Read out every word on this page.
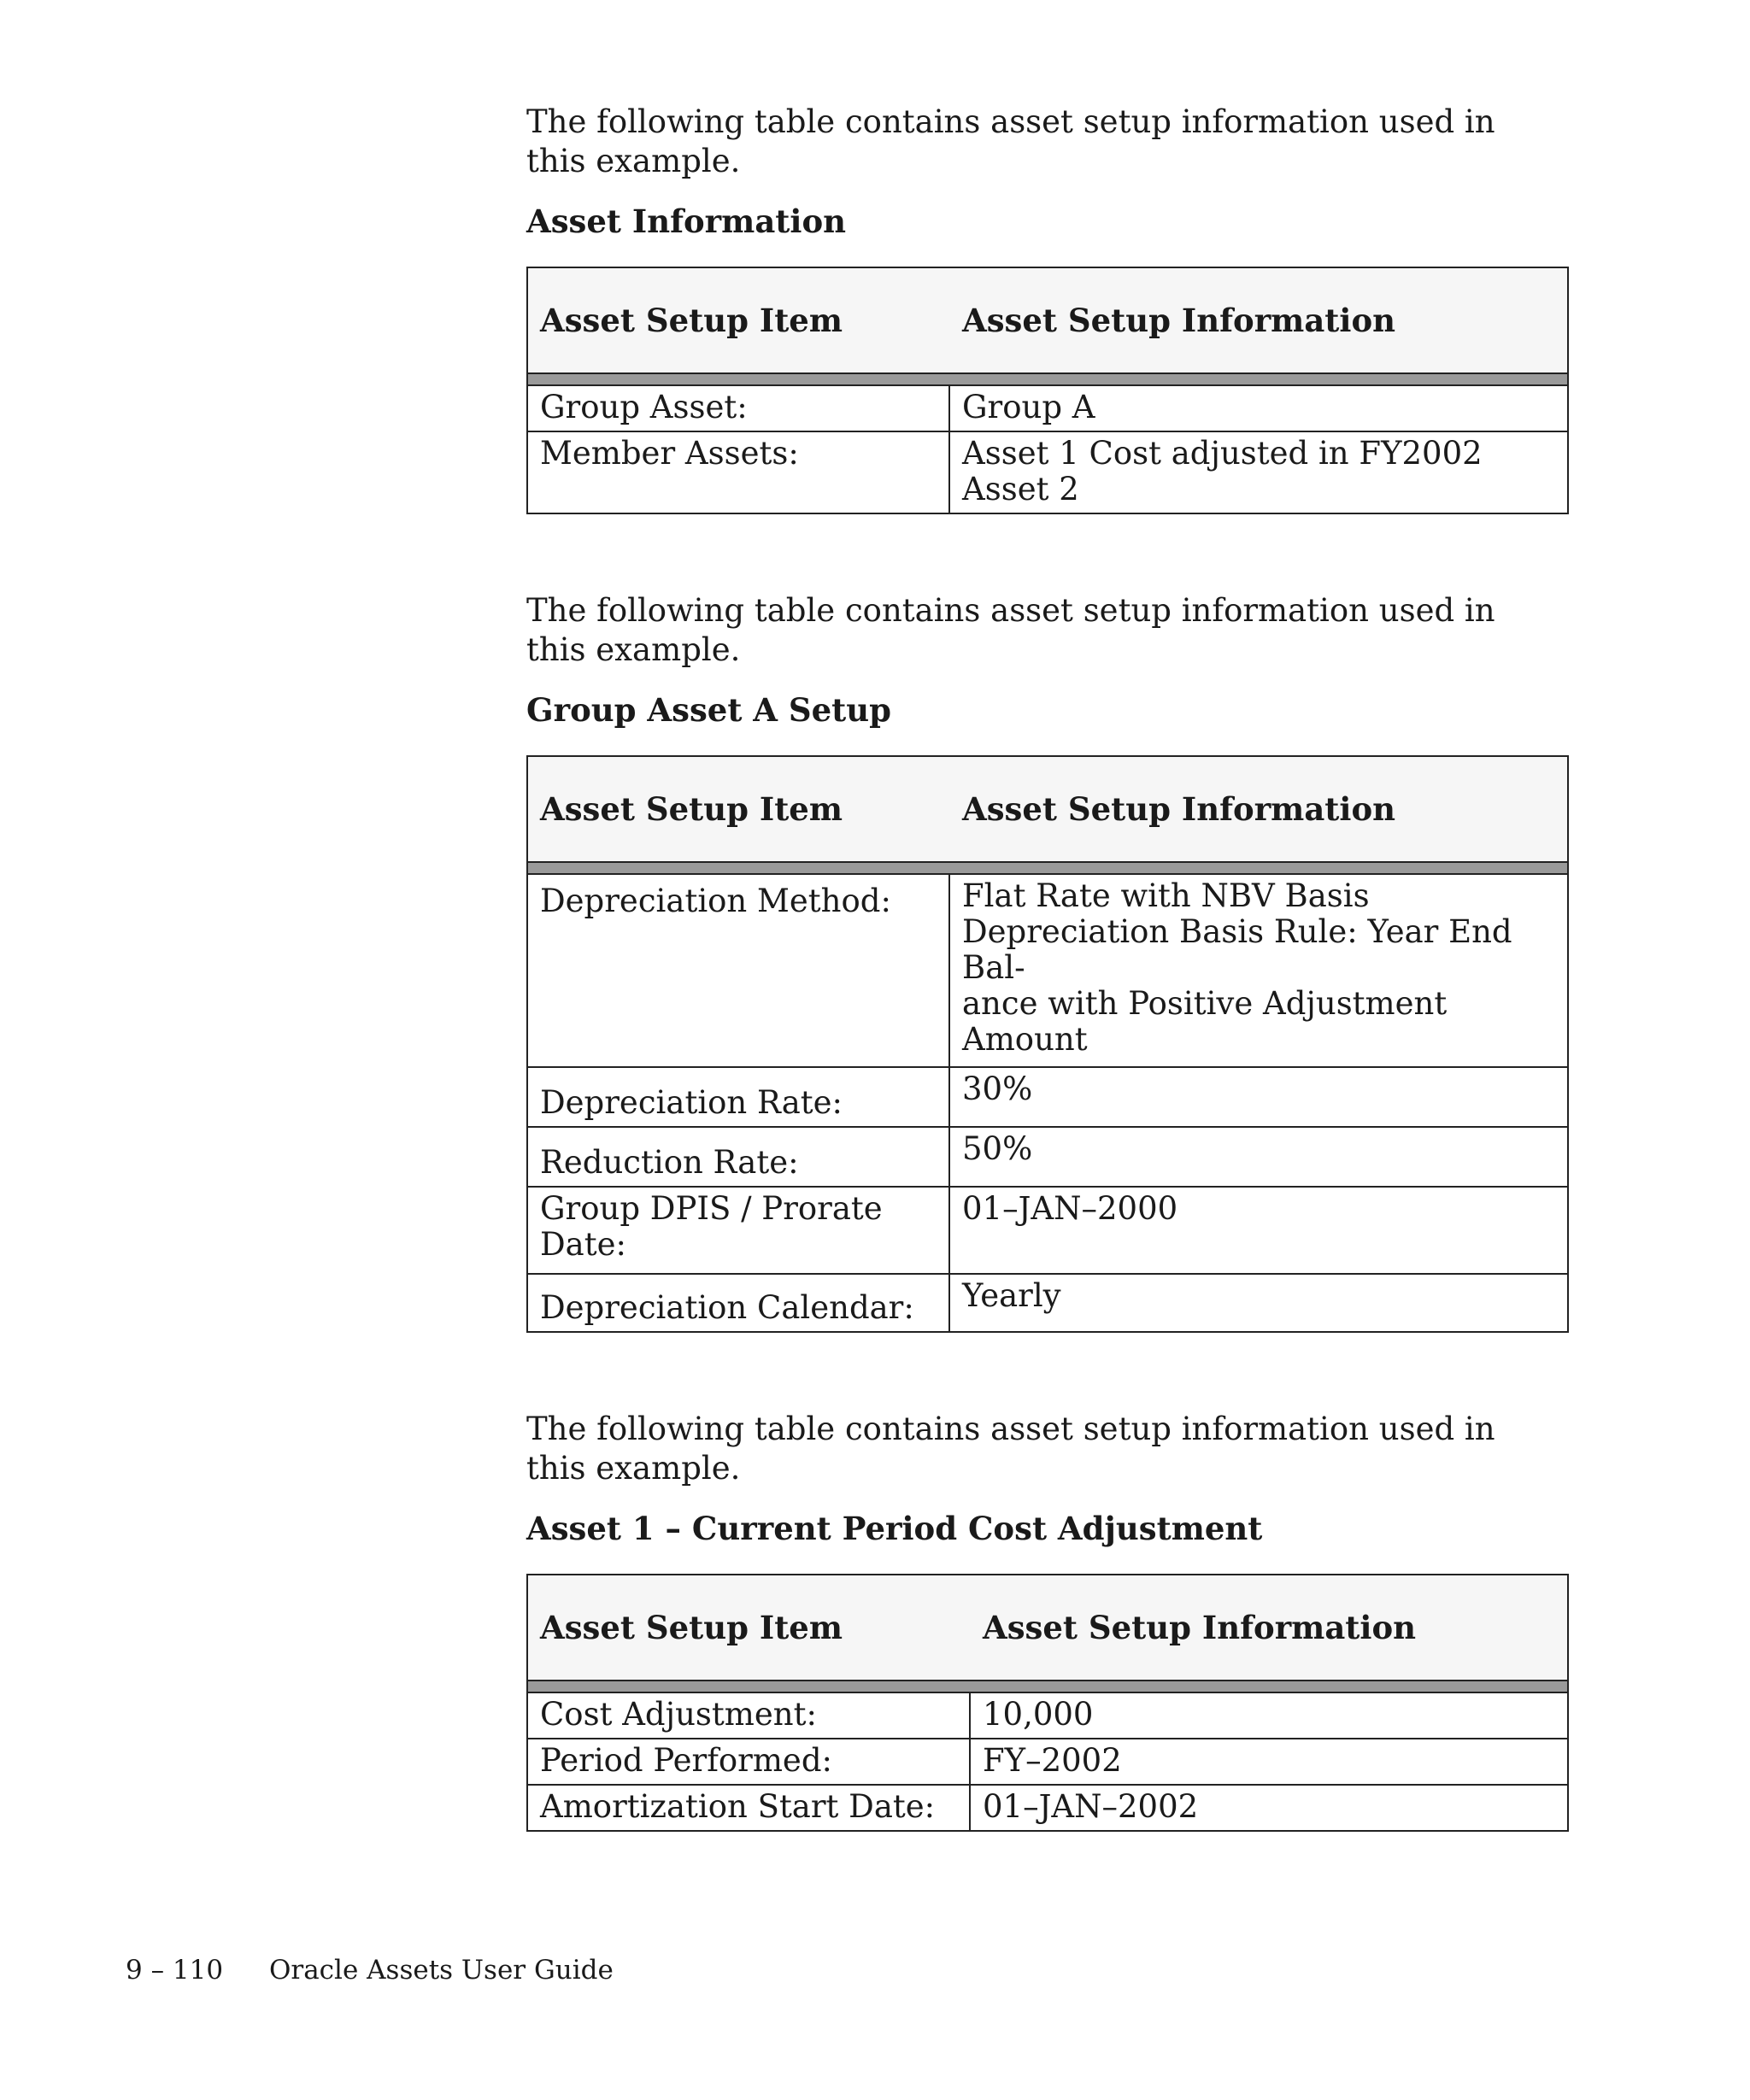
The following table contains asset setup information used in this example.

Asset Information
Asset Setup Item	Asset Setup Information
Group Asset:	Group A

Member Assets:	Asset 1 Cost adjusted in FY2002
Asset 2

The following table contains asset setup information used in this example.

Group Asset A Setup
Asset Setup Item	Asset Setup Information
Depreciation Method:	Flat Rate with NBV Basis
Depreciation Basis Rule: Year End Bal-
ance with Positive Adjustment Amount

Depreciation Rate:	30%

Reduction Rate:	50%

Group DPIS / Prorate Date:	01–JAN–2000

Depreciation Calendar:	Yearly

The following table contains asset setup information used in this example.

Asset 1 – Current Period Cost Adjustment
Asset Setup Item	Asset Setup Information
Cost Adjustment:	10,000

Period Performed:	FY–2002

Amortization Start Date:	01–JAN–2002
9 – 110 Oracle Assets User Guide
